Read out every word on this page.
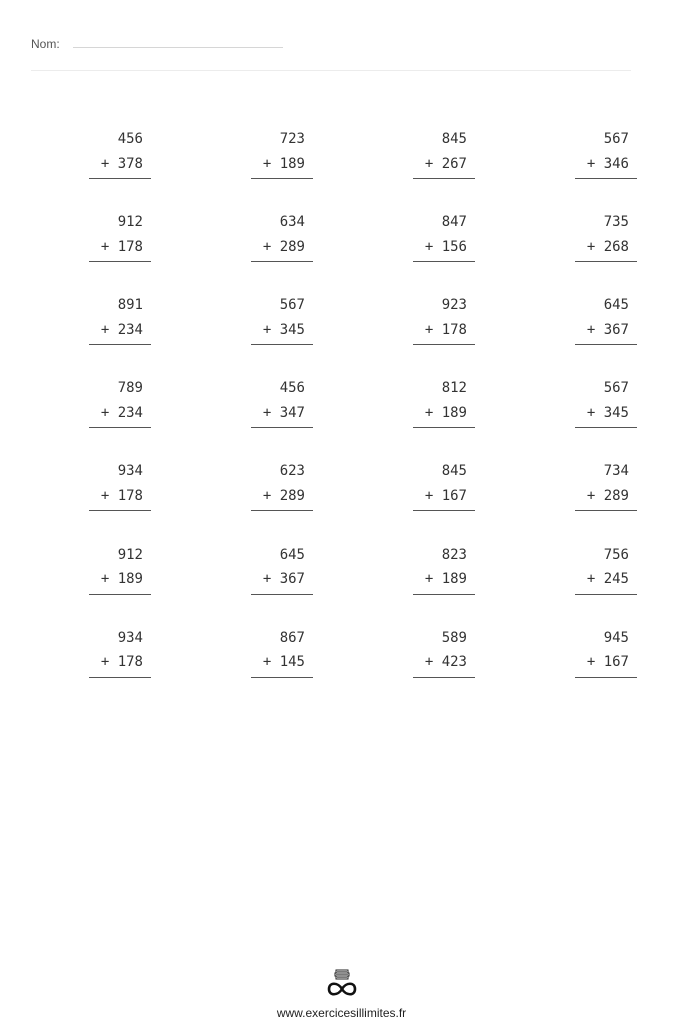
Nom:
456
+ 378
723
+ 189
845
+ 267
567
+ 346
912
+ 178
634
+ 289
847
+ 156
735
+ 268
891
+ 234
567
+ 345
923
+ 178
645
+ 367
789
+ 234
456
+ 347
812
+ 189
567
+ 345
934
+ 178
623
+ 289
845
+ 167
734
+ 289
912
+ 189
645
+ 367
823
+ 189
756
+ 245
934
+ 178
867
+ 145
589
+ 423
945
+ 167
www.exercicesillimites.fr
